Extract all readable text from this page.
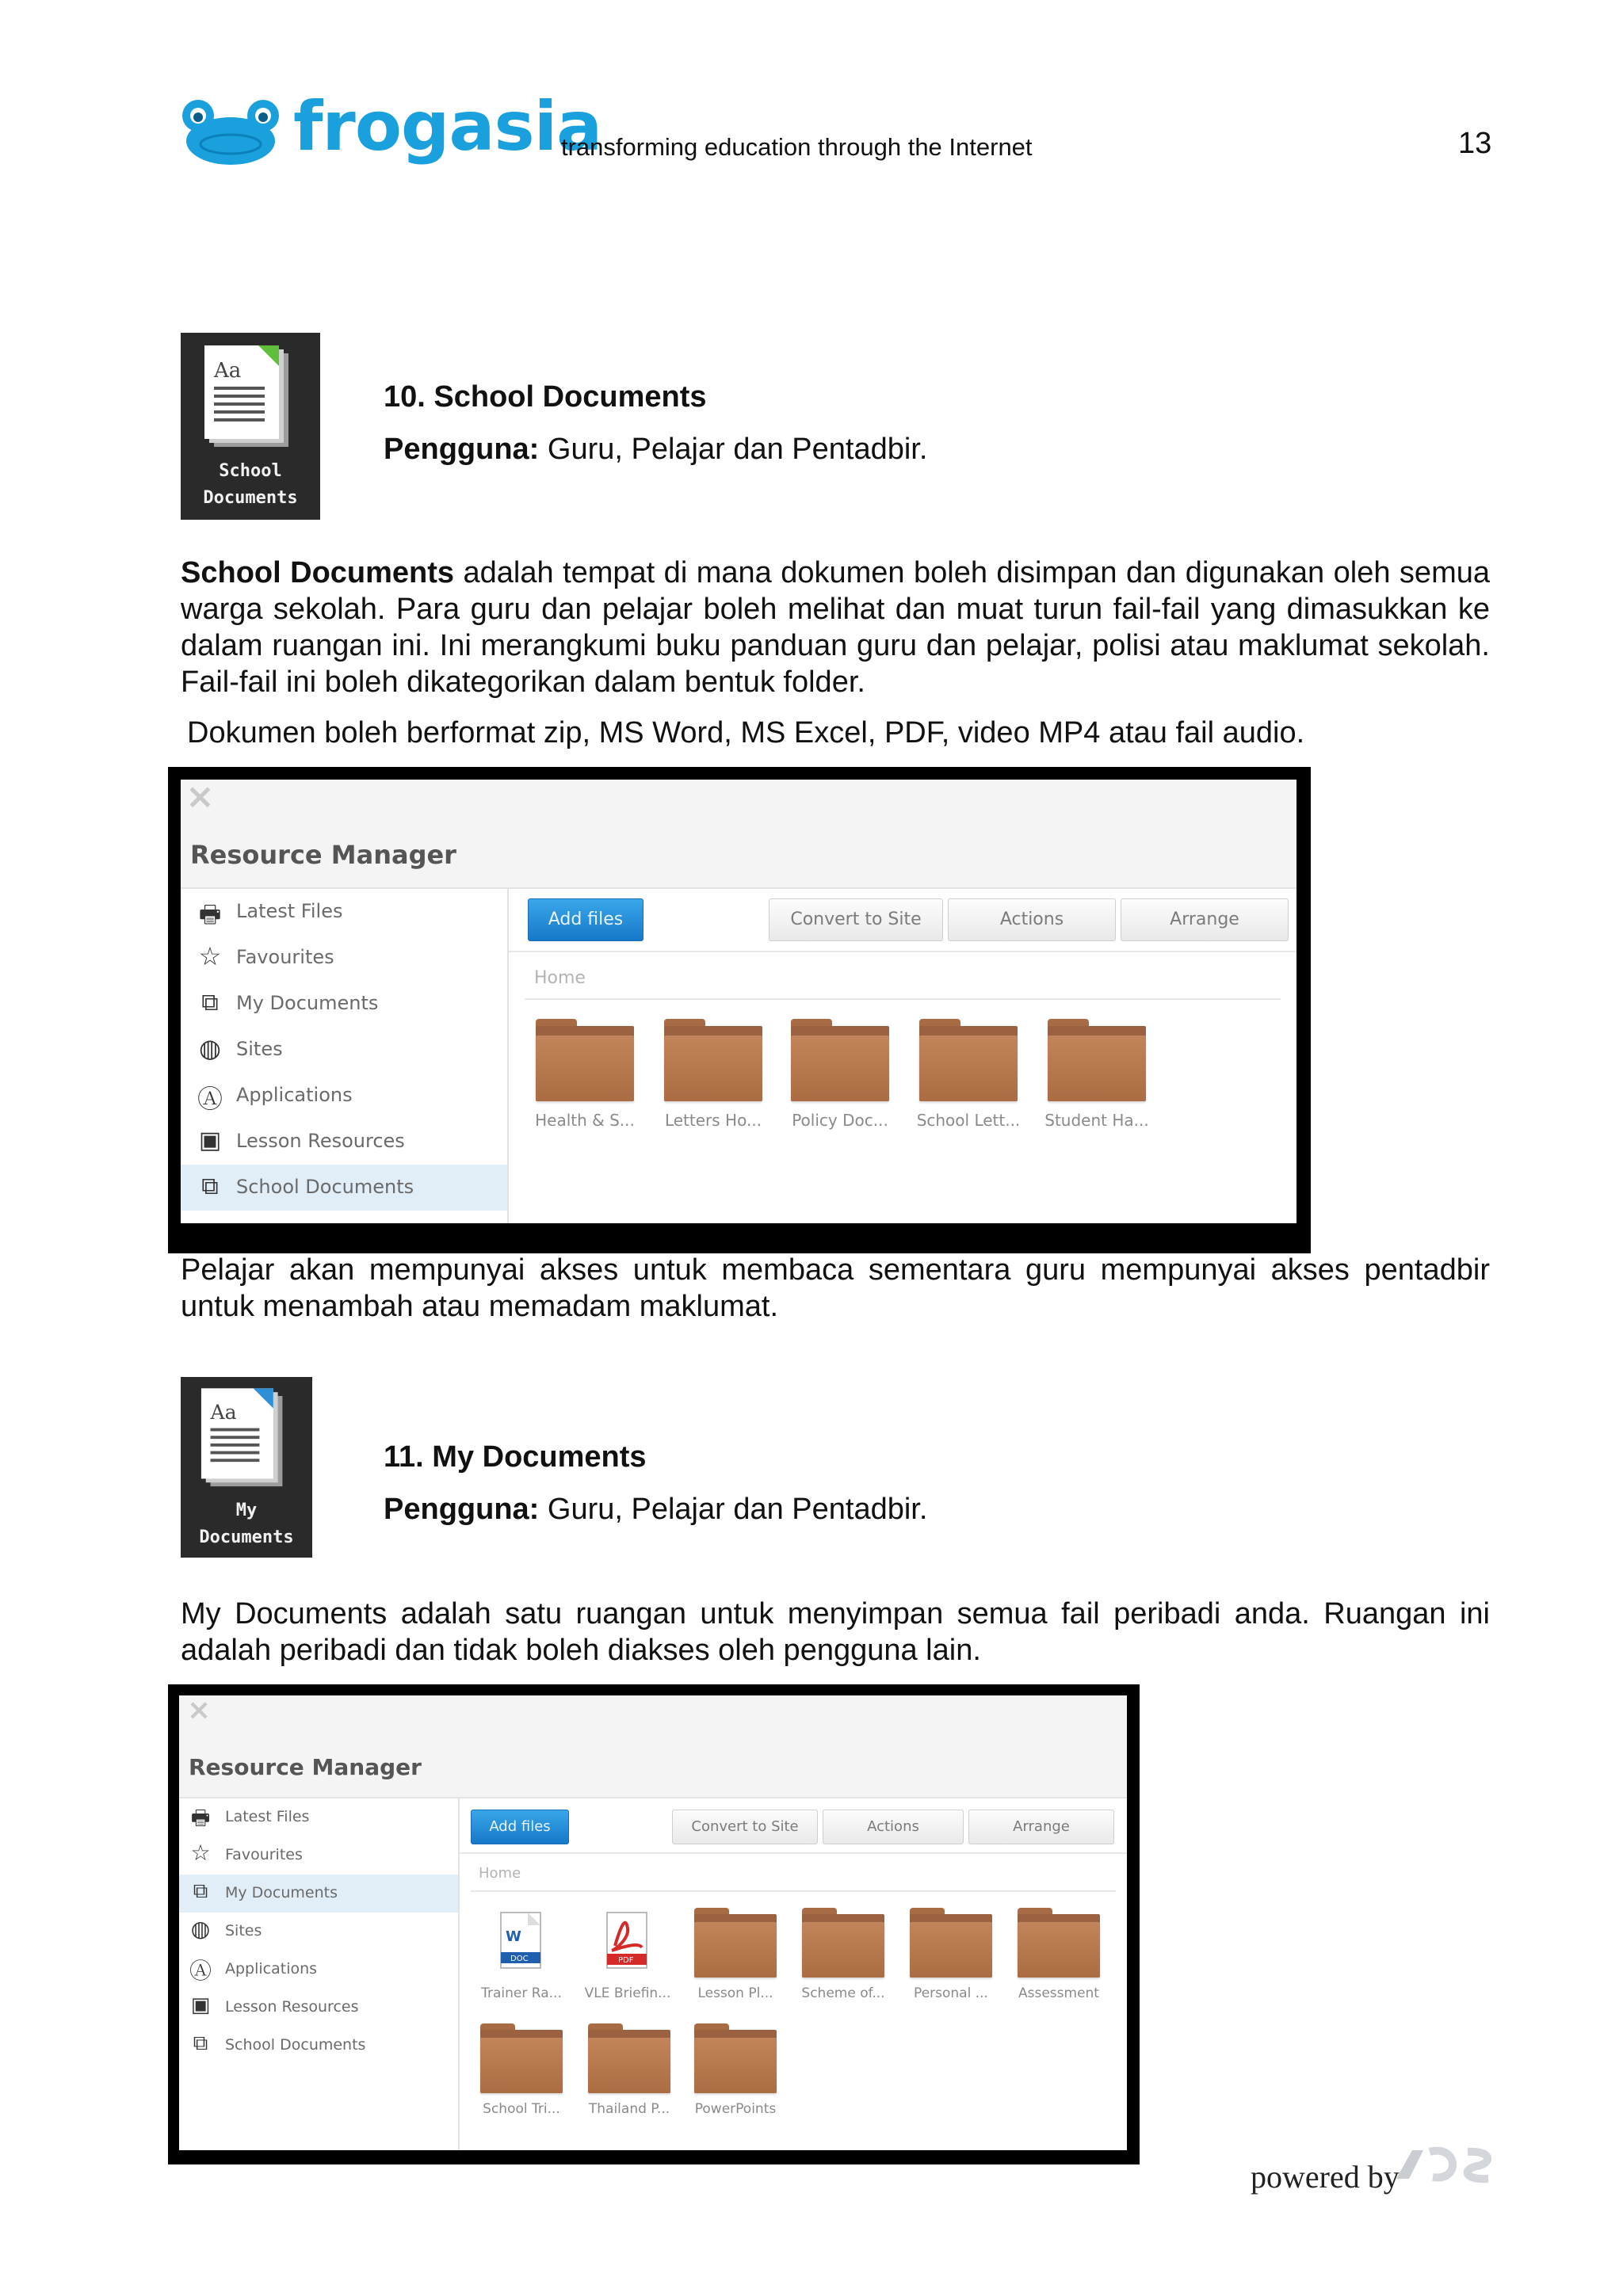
frogasia
transforming education through the Internet	13
Aa
School
Documents
10. School Documents
Pengguna: Guru, Pelajar dan Pentadbir.
School Documents adalah tempat di mana dokumen boleh disimpan dan digunakan oleh semua warga sekolah. Para guru dan pelajar boleh melihat dan muat turun fail-fail yang dimasukkan ke dalam ruangan ini. Ini merangkumi buku panduan guru dan pelajar, polisi atau maklumat sekolah. Fail-fail ini boleh dikategorikan dalam bentuk folder.
Dokumen boleh berformat zip, MS Word, MS Excel, PDF, video MP4 atau fail audio.
×
Resource Manager
🖶 Latest Files
☆ Favourites
⧉ My Documents
◍ Sites
Ⓐ Applications
▣ Lesson Resources
⧉ School Documents
Add files	Convert to Site	Actions	Arrange
Home
Health & S...	Letters Ho...	Policy Doc...	School Lett...	Student Ha...
Pelajar akan mempunyai akses untuk membaca sementara guru mempunyai akses pentadbir untuk menambah atau memadam maklumat.
Aa
My
Documents
11. My Documents
Pengguna: Guru, Pelajar dan Pentadbir.
My Documents adalah satu ruangan untuk menyimpan semua fail peribadi anda. Ruangan ini adalah peribadi dan tidak boleh diakses oleh pengguna lain.
×
Resource Manager
🖶 Latest Files
☆ Favourites
⧉	My Documents
◍ Sites
Ⓐ Applications
▣ Lesson Resources
⧉	School Documents
Add files	Convert to Site	Actions	Arrange
Home
W
DOC
Trainer Ra...
PDF
VLE Briefin...	Lesson Pl...	Scheme of...	Personal ...	Assessment
School Tri...	Thailand P...	PowerPoints
powered by
